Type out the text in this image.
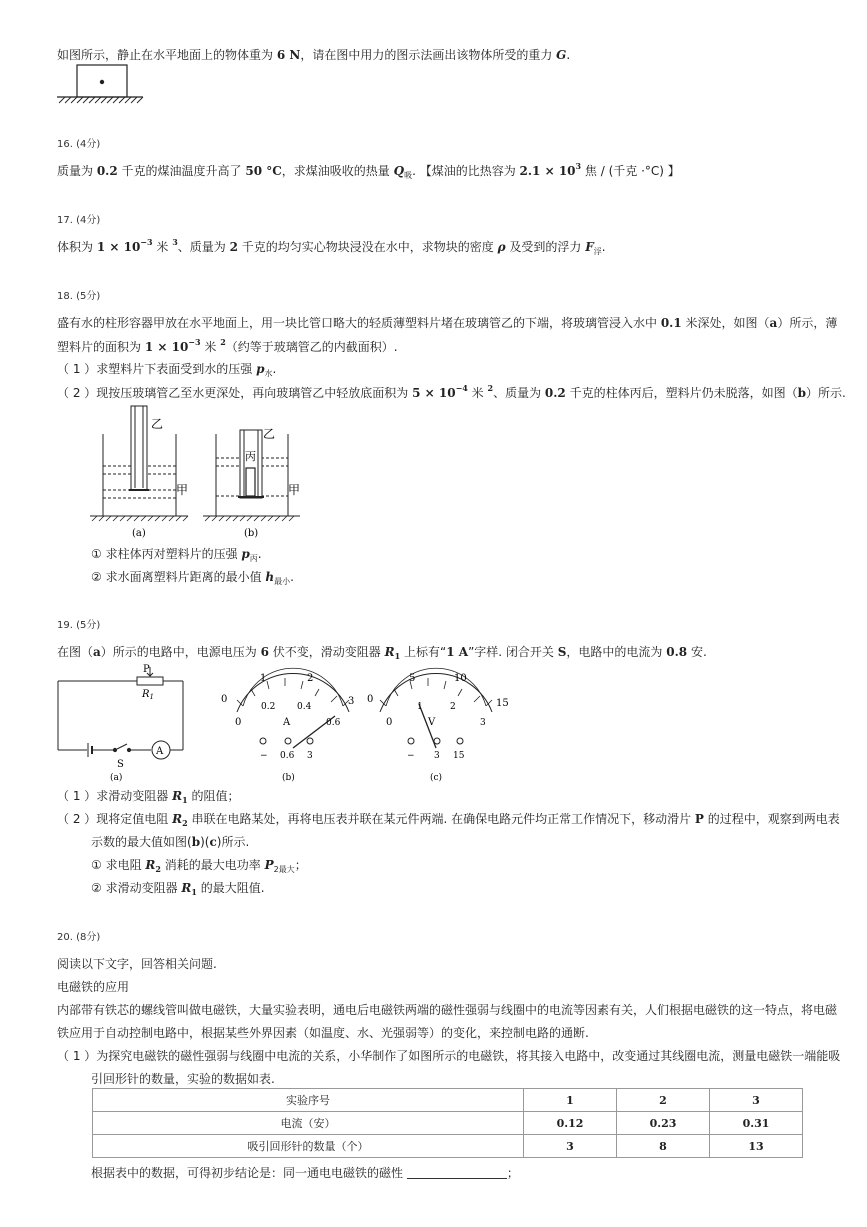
如图所示，静止在水平地面上的物体重为 6 N，请在图中用力的图示法画出该物体所受的重力 G.
16. (4分)
质量为 0.2 千克的煤油温度升高了 50 °C，求煤油吸收的热量 $Q_吸$. 【煤油的比热容为 $2.1 \times 10^3$ 焦 / (千克 ·°C) 】
17. (4分)
体积为 $1 \times 10^{-3}$ 米 $^3$、质量为 2 千克的均匀实心物块浸没在水中，求物块的密度 ρ 及受到的浮力 $F_浮$.
18. (5分)
盛有水的柱形容器甲放在水平地面上，用一块比管口略大的轻质薄塑料片堵在玻璃管乙的下端，将玻璃管浸入水中 0.1 米深处，如图（a）所示，薄
塑料片的面积为 $1 \times 10^{-3}$ 米 $^2$（约等于玻璃管乙的内截面积）.
（ 1 ）求塑料片下表面受到水的压强 $p_水$.
（ 2 ）现按压玻璃管乙至水更深处，再向玻璃管乙中轻放底面积为 $5 \times 10^{-4}$ 米 $^2$、质量为 0.2 千克的柱体丙后，塑料片仍未脱落，如图（b）所示.
乙
甲
(a)
乙
丙
甲
(b)
① 求柱体丙对塑料片的压强 $p_丙$.
② 求水面离塑料片距离的最小值 $h_{最小}$.
19. (5分)
在图（a）所示的电路中，电源电压为 6 伏不变，滑动变阻器 $R_1$ 上标有“1 A”字样. 闭合开关 S，电路中的电流为 0.8 安.
P
$R_1$
S
A
(a)
1	2
3
0
0
0.2 0.4
0.6
A
− 0.6 3
(b)
5	10
15
0
0
1	2
3
V
− 3 15
(c)
（ 1 ）求滑动变阻器 $R_1$ 的阻值；
（ 2 ）现将定值电阻 $R_2$ 串联在电路某处，再将电压表并联在某元件两端. 在确保电路元件均正常工作情况下，移动滑片 P 的过程中，观察到两电表
示数的最大值如图(b)(c)所示.
① 求电阻 $R_2$ 消耗的最大电功率 $P_{2最大}$；
② 求滑动变阻器 $R_1$ 的最大阻值.
20. (8分)
阅读以下文字，回答相关问题.
电磁铁的应用
内部带有铁芯的螺线管叫做电磁铁，大量实验表明，通电后电磁铁两端的磁性强弱与线圈中的电流等因素有关，人们根据电磁铁的这一特点，将电磁
铁应用于自动控制电路中，根据某些外界因素（如温度、水、光强弱等）的变化，来控制电路的通断.
（ 1 ）为探究电磁铁的磁性强弱与线圈中电流的关系，小华制作了如图所示的电磁铁，将其接入电路中，改变通过其线圈电流，测量电磁铁一端能吸
引回形针的数量，实验的数据如表.
实验序号	1	2	3
电流（安）	0.12	0.23	0.31
吸引回形针的数量（个）	3	8	13
根据表中的数据，可得初步结论是：同一通电电磁铁的磁性	；
